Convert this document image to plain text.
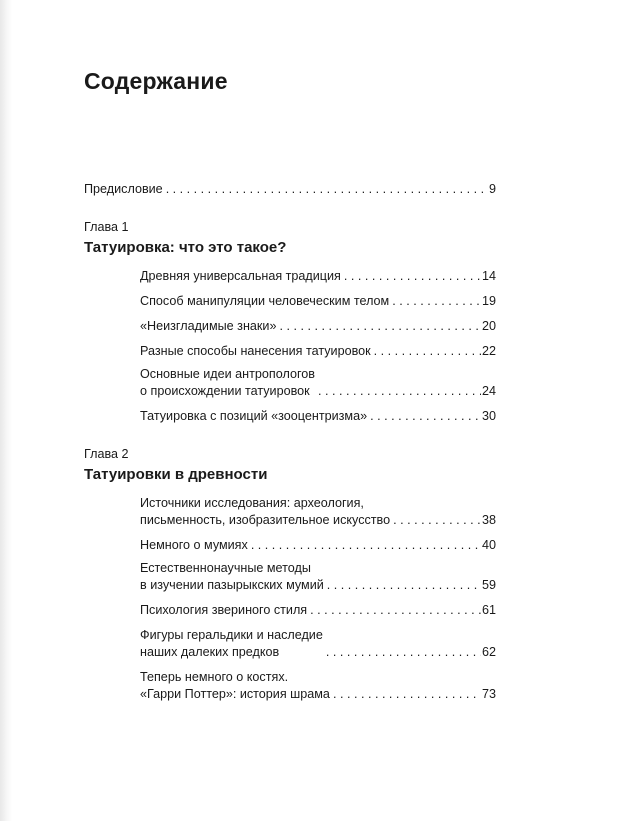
Содержание
Предисловие . . .	9
Глава 1
Татуировка: что это такое?
Древняя универсальная традиция . . .	14
Способ манипуляции человеческим телом . . .	19
«Неизгладимые знаки» . . .	20
Разные способы нанесения татуировок . . .	22
Основные идеи антропологов
о происхождении татуировок . . .	24
Татуировка с позиций «зооцентризма» . . .	30
Глава 2
Татуировки в древности
Источники исследования: археология,
письменность, изобразительное искусство . . .	38
Немного о мумиях . . .	40
Естественнонаучные методы
в изучении пазырыкских мумий . . .	59
Психология звериного стиля . . .	61
Фигуры геральдики и наследие
наших далеких предков . . .	62
Теперь немного о костях.
«Гарри Поттер»: история шрама . . .	73
